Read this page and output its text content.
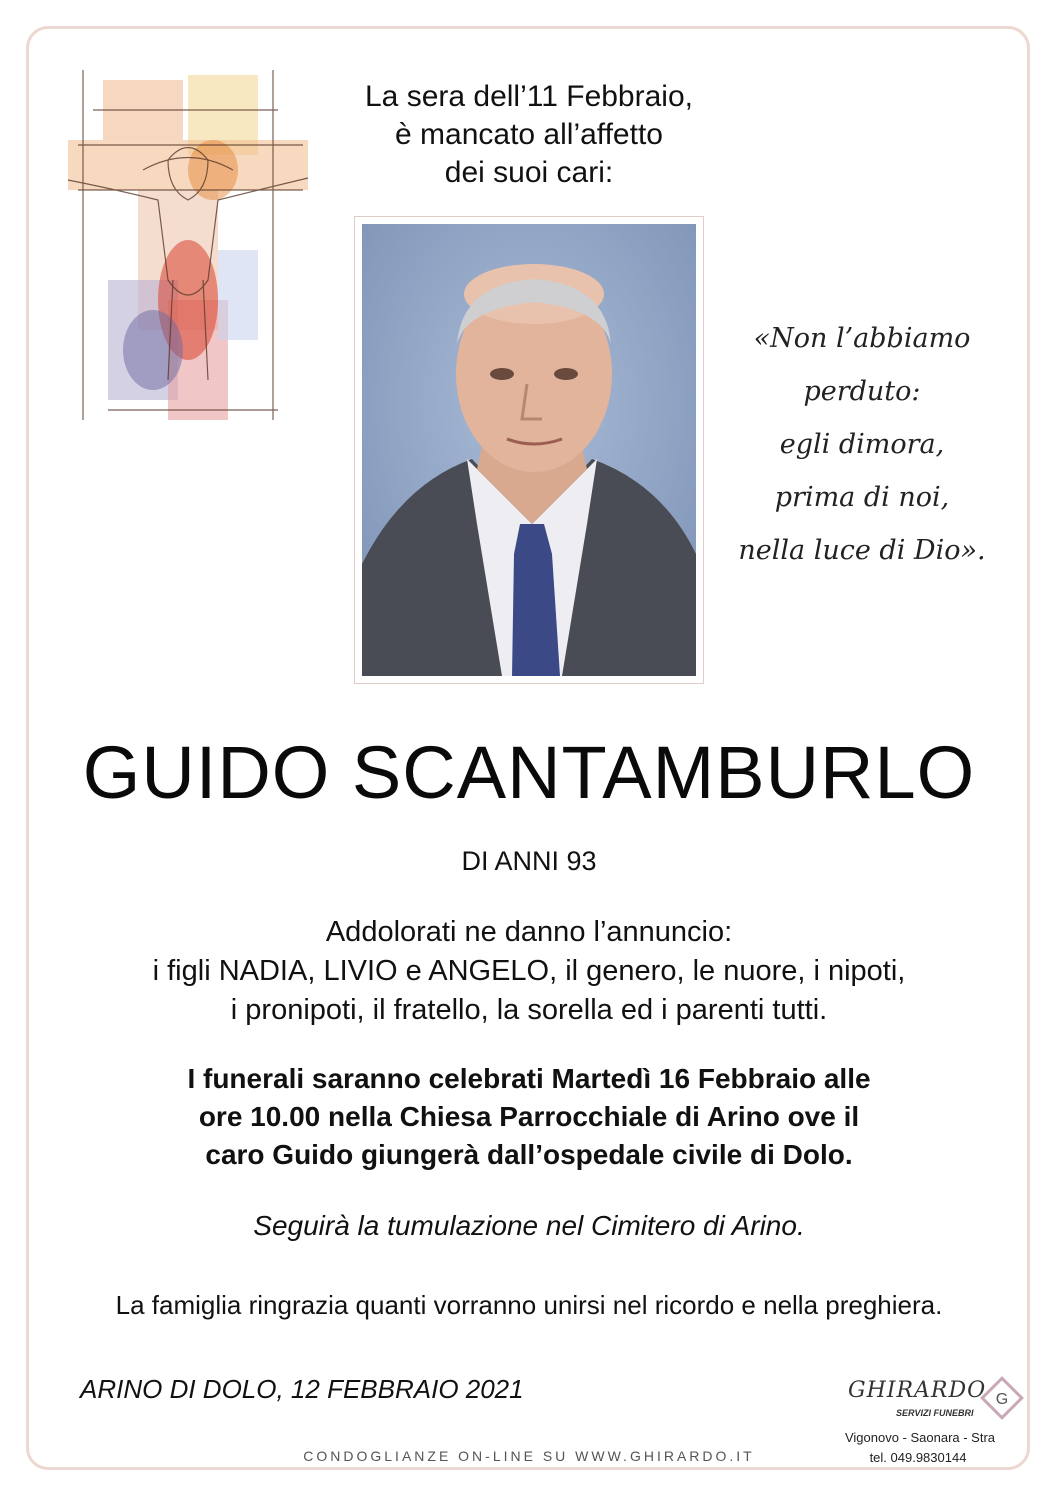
La sera dell’11 Febbraio,
è mancato all’affetto
dei suoi cari:
«Non l’abbiamo
perduto:
egli dimora,
prima di noi,
nella luce di Dio».
GUIDO SCANTAMBURLO
DI ANNI 93
Addolorati ne danno l’annuncio:
i figli NADIA, LIVIO e ANGELO, il genero, le nuore, i nipoti,
i pronipoti, il fratello, la sorella ed i parenti tutti.
I funerali saranno celebrati Martedì 16 Febbraio alle
ore 10.00 nella Chiesa Parrocchiale di Arino ove il
caro Guido giungerà dall’ospedale civile di Dolo.
Seguirà la tumulazione nel Cimitero di Arino.
La famiglia ringrazia quanti vorranno unirsi nel ricordo e nella preghiera.
ARINO DI DOLO, 12 FEBBRAIO 2021	GHIRARDO
SERVIZI FUNEBRI
G
Vigonovo - Saonara - Stra
tel. 049.9830144
CONDOGLIANZE ON-LINE SU WWW.GHIRARDO.IT
